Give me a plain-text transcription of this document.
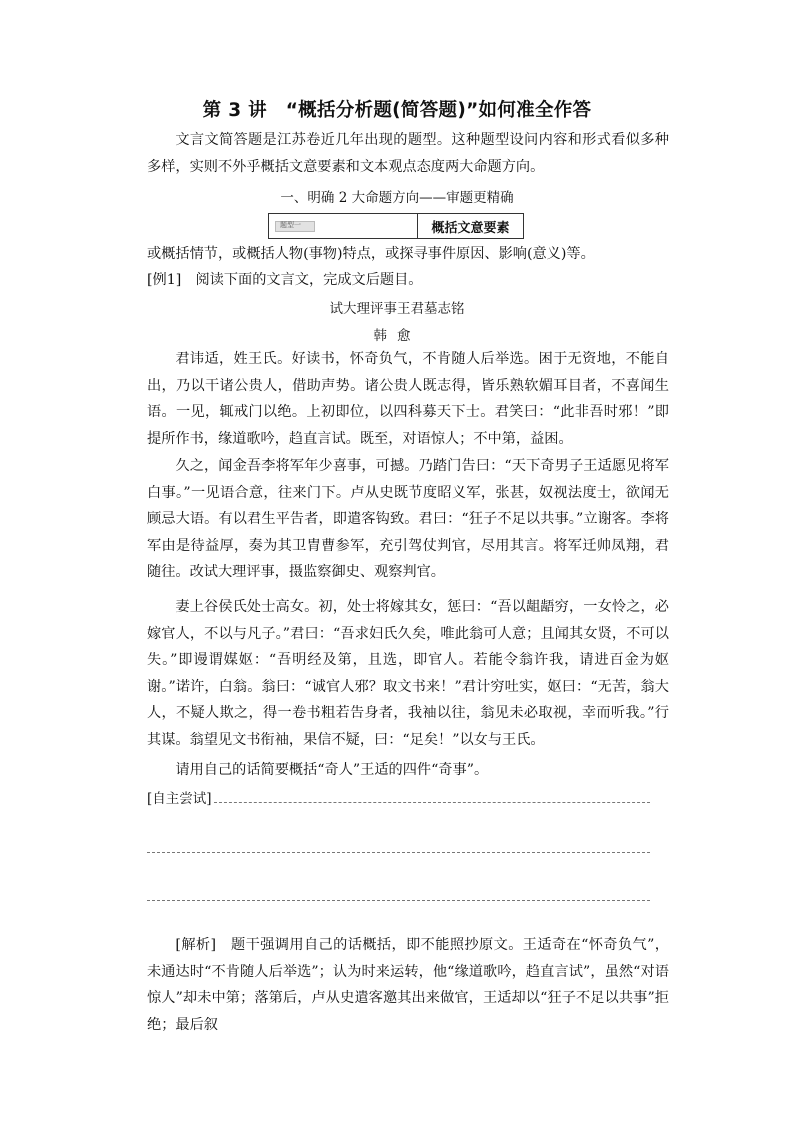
第 3 讲　“概括分析题(简答题)”如何准全作答
文言文简答题是江苏卷近几年出现的题型。这种题型设问内容和形式看似多种多样，实则不外乎概括文意要素和文本观点态度两大命题方向。
一、明确 2 大命题方向——审题更精确
题型一	概括文意要素
或概括情节，或概括人物(事物)特点，或探寻事件原因、影响(意义)等。
[例1]　阅读下面的文言文，完成文后题目。
试大理评事王君墓志铭
韩愈
君讳适，姓王氏。好读书，怀奇负气，不肯随人后举选。困于无资地，不能自出，乃以干诸公贵人，借助声势。诸公贵人既志得，皆乐熟软媚耳目者，不喜闻生语。一见，辄戒门以绝。上初即位，以四科募天下士。君笑曰：“此非吾时邪！”即提所作书，缘道歌吟，趋直言试。既至，对语惊人；不中第，益困。
久之，闻金吾李将军年少喜事，可撼。乃踏门告曰：“天下奇男子王适愿见将军白事。”一见语合意，往来门下。卢从史既节度昭义军，张甚，奴视法度士，欲闻无顾忌大语。有以君生平告者，即遣客钩致。君曰：“狂子不足以共事。”立谢客。李将军由是待益厚，奏为其卫胄曹参军，充引驾仗判官，尽用其言。将军迁帅凤翔，君随往。改试大理评事，摄监察御史、观察判官。
妻上谷侯氏处士高女。初，处士将嫁其女，惩曰：“吾以龃龉穷，一女怜之，必嫁官人，不以与凡子。”君曰：“吾求妇氏久矣，唯此翁可人意；且闻其女贤，不可以失。”即谩谓媒妪：“吾明经及第，且选，即官人。若能令翁许我，请进百金为妪谢。”诺许，白翁。翁曰：“诚官人邪？取文书来！”君计穷吐实，妪曰：“无苦，翁大人，不疑人欺之，得一卷书粗若告身者，我袖以往，翁见未必取视，幸而听我。”行其谋。翁望见文书衔袖，果信不疑，曰：“足矣！”以女与王氏。
请用自己的话简要概括“奇人”王适的四件“奇事”。
[自主尝试]
[解析]　题干强调用自己的话概括，即不能照抄原文。王适奇在“怀奇负气”，未通达时“不肯随人后举选”；认为时来运转，他“缘道歌吟，趋直言试”，虽然“对语惊人”却未中第；落第后，卢从史遣客邀其出来做官，王适却以“狂子不足以共事”拒绝；最后叙
